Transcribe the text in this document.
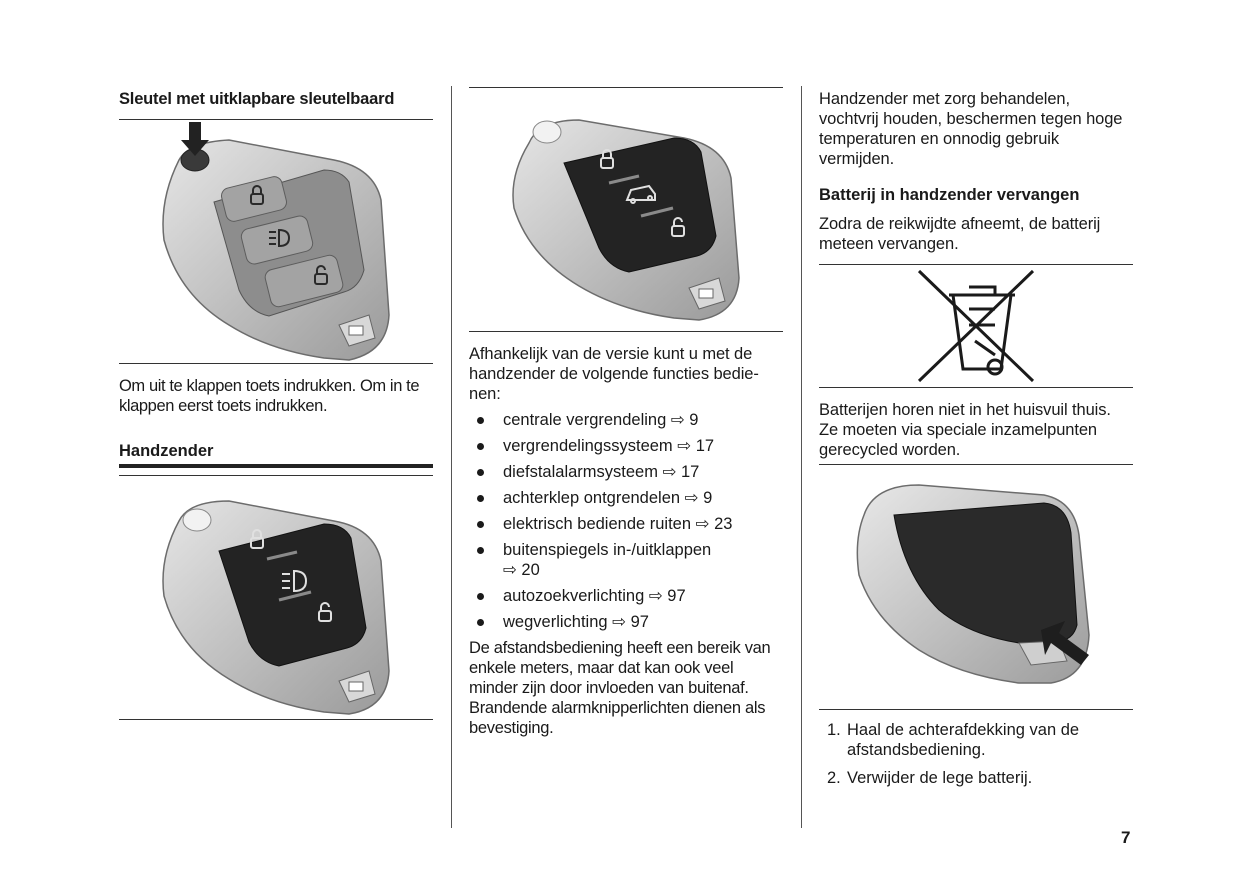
Sleutel met uitklapbare sleutelbaard

Om uit te klappen toets indrukken. Om in te klappen eerst toets indrukken.

Handzender

Afhankelijk van de versie kunt u met de handzender de volgende functies bedie-nen:

centrale vergrendeling ⇨ 9
vergrendelingssysteem ⇨ 17
diefstalalarmsysteem ⇨ 17
achterklep ontgrendelen ⇨ 9
elektrisch bediende ruiten ⇨ 23
buitenspiegels in-/uitklappen
⇨ 20
autozoekverlichting ⇨ 97
wegverlichting ⇨ 97

De afstandsbediening heeft een bereik van enkele meters, maar dat kan ook veel minder zijn door invloeden van buitenaf. Brandende alarmknipperlichten dienen als bevestiging.

Handzender met zorg behandelen, vochtvrij houden, beschermen tegen hoge temperaturen en onnodig gebruik vermijden.

Batterij in handzender vervangen

Zodra de reikwijdte afneemt, de batterij meteen vervangen.

Batterijen horen niet in het huisvuil thuis. Ze moeten via speciale inzamelpunten gerecycled worden.

1. Haal de achterafdekking van de afstandsbediening.
2. Verwijder de lege batterij.
7
